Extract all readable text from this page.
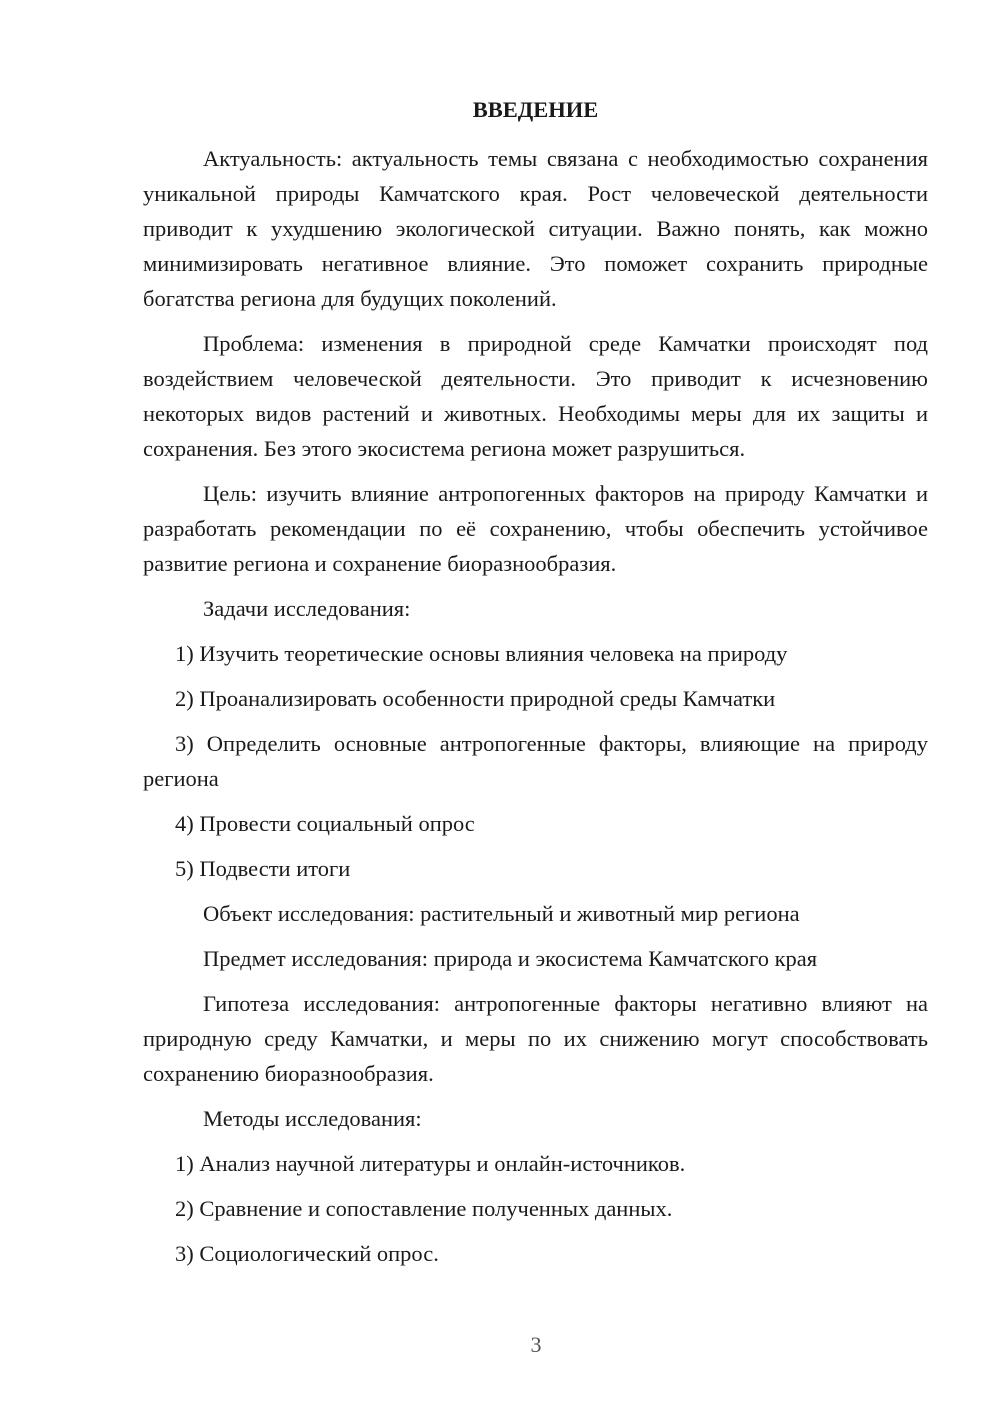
ВВЕДЕНИЕ

Актуальность: актуальность темы связана с необходимостью сохранения уникальной природы Камчатского края. Рост человеческой деятельности приводит к ухудшению экологической ситуации. Важно понять, как можно минимизировать негативное влияние. Это поможет сохранить природные богатства региона для будущих поколений.

Проблема: изменения в природной среде Камчатки происходят под воздействием человеческой деятельности. Это приводит к исчезновению некоторых видов растений и животных. Необходимы меры для их защиты и сохранения. Без этого экосистема региона может разрушиться.

Цель: изучить влияние антропогенных факторов на природу Камчатки и разработать рекомендации по её сохранению, чтобы обеспечить устойчивое развитие региона и сохранение биоразнообразия.

Задачи исследования:

1) Изучить теоретические основы влияния человека на природу

2) Проанализировать особенности природной среды Камчатки

3) Определить основные антропогенные факторы, влияющие на природу региона

4) Провести социальный опрос

5) Подвести итоги

Объект исследования: растительный и животный мир региона

Предмет исследования: природа и экосистема Камчатского края

Гипотеза исследования: антропогенные факторы негативно влияют на природную среду Камчатки, и меры по их снижению могут способствовать сохранению биоразнообразия.

Методы исследования:

1) Анализ научной литературы и онлайн-источников.

2) Сравнение и сопоставление полученных данных.

3) Социологический опрос.

3
